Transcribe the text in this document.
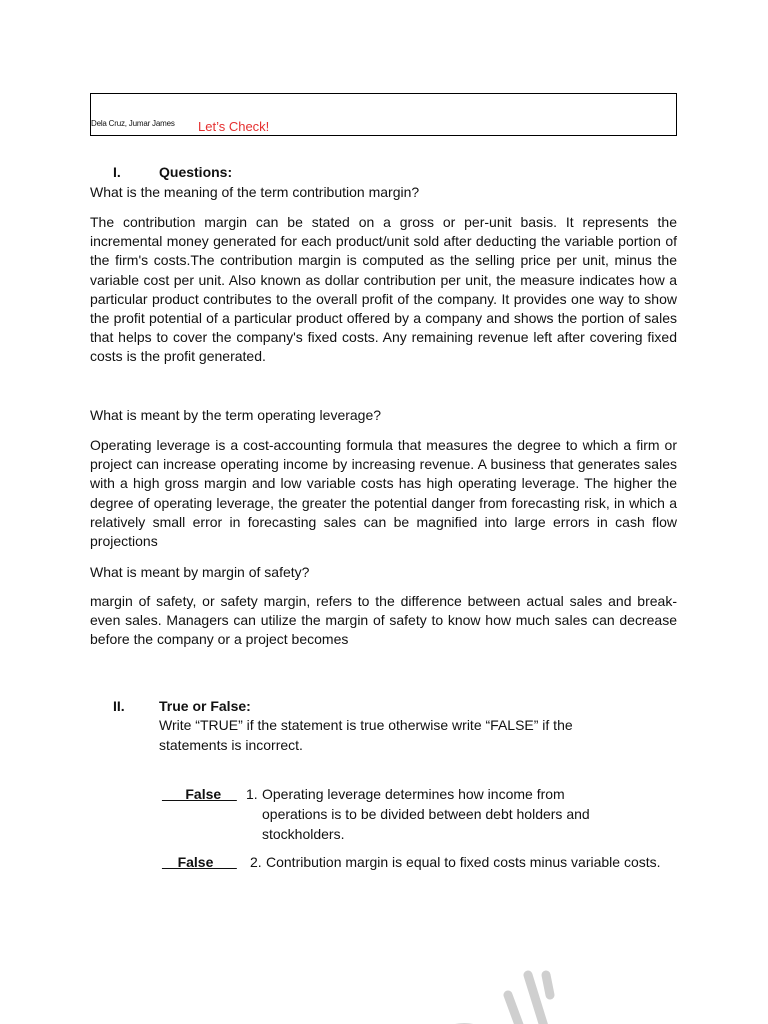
Dela Cruz, Jumar James Let’s Check!
I.	Questions:
What is the meaning of the term contribution margin?

The contribution margin can be stated on a gross or per-unit basis. It represents the incremental money generated for each product/unit sold after deducting the variable portion of the firm's costs.The contribution margin is computed as the selling price per unit, minus the variable cost per unit. Also known as dollar contribution per unit, the measure indicates how a particular product contributes to the overall profit of the company. It provides one way to show the profit potential of a particular product offered by a company and shows the portion of sales that helps to cover the company's fixed costs. Any remaining revenue left after covering fixed costs is the profit generated.

What is meant by the term operating leverage?

Operating leverage is a cost-accounting formula that measures the degree to which a firm or project can increase operating income by increasing revenue. A business that generates sales with a high gross margin and low variable costs has high operating leverage. The higher the degree of operating leverage, the greater the potential danger from forecasting risk, in which a relatively small error in forecasting sales can be magnified into large errors in cash flow projections

What is meant by margin of safety?

margin of safety, or safety margin, refers to the difference between actual sales and break-even sales. Managers can utilize the margin of safety to know how much sales can decrease before the company or a project becomes

II. True or False:

Write “TRUE” if the statement is true otherwise write “FALSE” if the statements is incorrect.

___False__ 1. Operating leverage determines how income from operations is to be divided between debt holders and stockholders.
__False___ 2. Contribution margin is equal to fixed costs minus variable costs.
